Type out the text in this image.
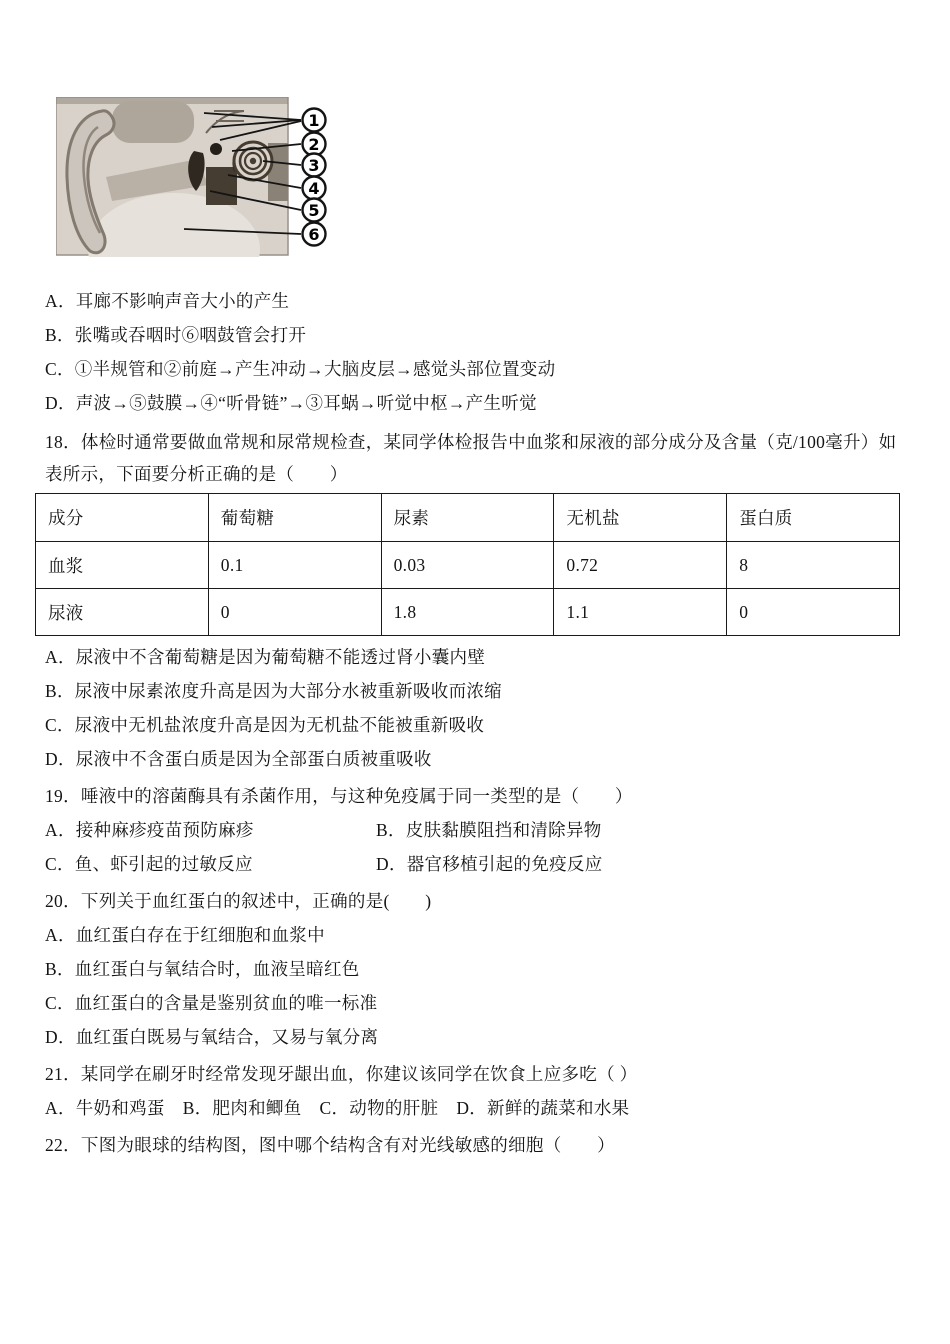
1
2
3
4
5
6

A．耳廊不影响声音大小的产生

B．张嘴或吞咽时⑥咽鼓管会打开

C．①半规管和②前庭→产生冲动→大脑皮层→感觉头部位置变动

D．声波→⑤鼓膜→④“听骨链”→③耳蜗→听觉中枢→产生听觉

18．体检时通常要做血常规和尿常规检查，某同学体检报告中血浆和尿液的部分成分及含量（克/100毫升）如表所示，下面要分析正确的是（　　）

成分	葡萄糖	尿素	无机盐	蛋白质
血浆	0.1	0.03	0.72	8
尿液	0	1.8	1.1	0

A．尿液中不含葡萄糖是因为葡萄糖不能透过肾小囊内壁

B．尿液中尿素浓度升高是因为大部分水被重新吸收而浓缩

C．尿液中无机盐浓度升高是因为无机盐不能被重新吸收

D．尿液中不含蛋白质是因为全部蛋白质被重吸收

19．唾液中的溶菌酶具有杀菌作用，与这种免疫属于同一类型的是（　　）

A．接种麻疹疫苗预防麻疹	B．皮肤黏膜阻挡和清除异物

C．鱼、虾引起的过敏反应	D．器官移植引起的免疫反应

20．下列关于血红蛋白的叙述中，正确的是(　　)

A．血红蛋白存在于红细胞和血浆中

B．血红蛋白与氧结合时，血液呈暗红色

C．血红蛋白的含量是鉴别贫血的唯一标准

D．血红蛋白既易与氧结合，又易与氧分离

21．某同学在刷牙时经常发现牙龈出血，你建议该同学在饮食上应多吃（ ）

A．牛奶和鸡蛋 B．肥肉和鲫鱼 C．动物的肝脏 D．新鲜的蔬菜和水果

22．下图为眼球的结构图，图中哪个结构含有对光线敏感的细胞（　　）
